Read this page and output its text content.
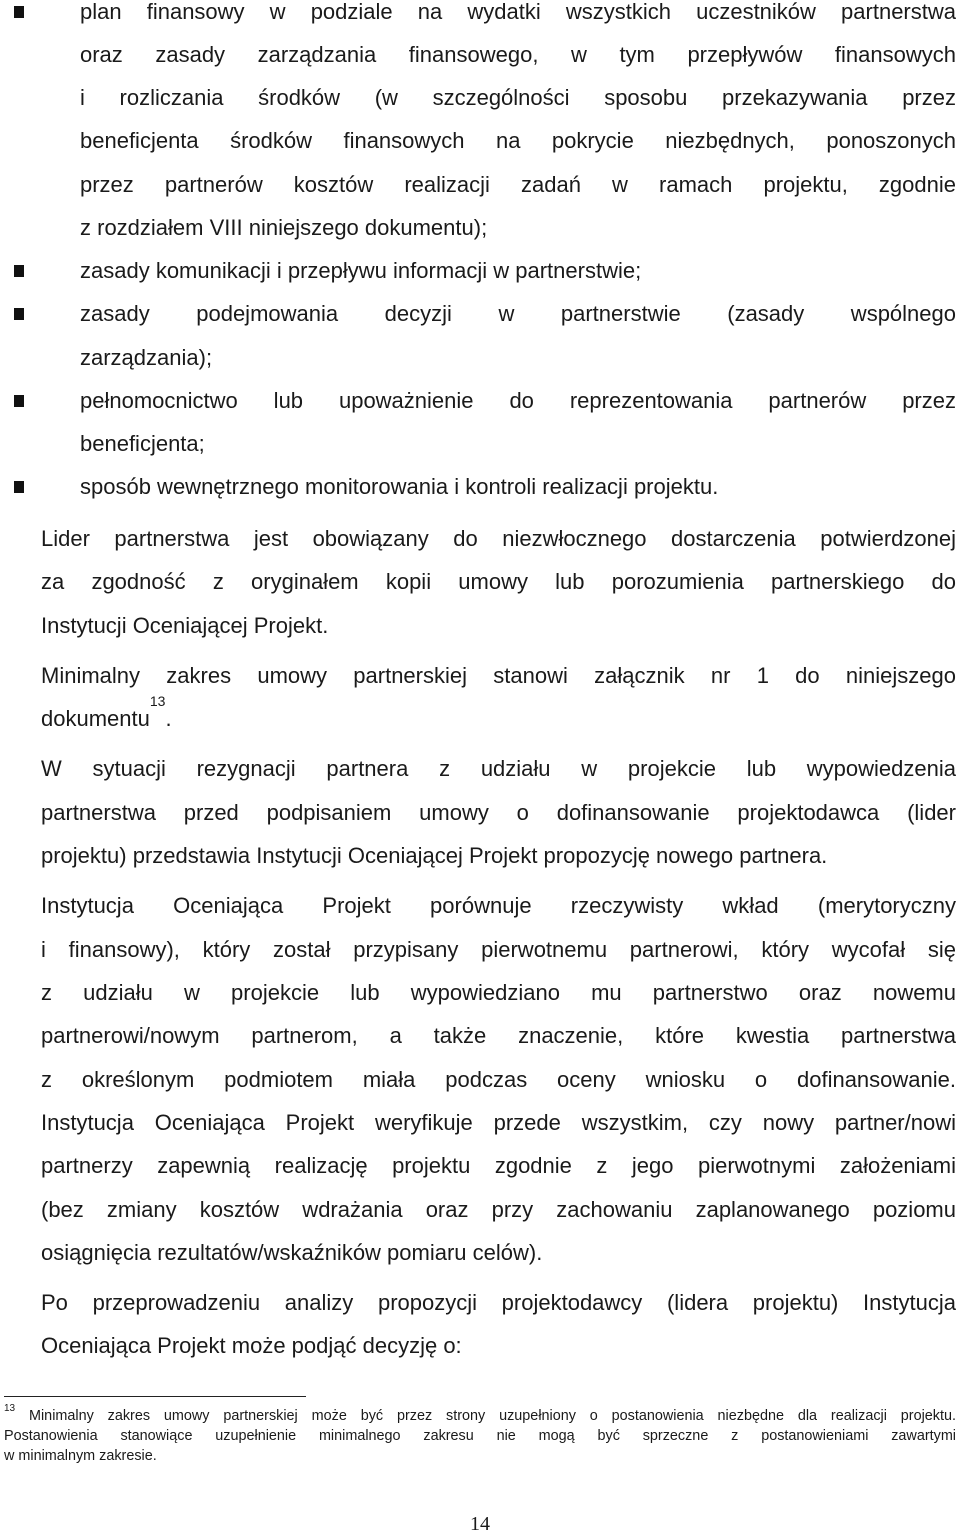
plan finansowy w podziale na wydatki wszystkich uczestników partnerstwa
oraz zasady zarządzania finansowego, w tym przepływów finansowych
i rozliczania środków (w szczególności sposobu przekazywania przez
beneficjenta środków finansowych na pokrycie niezbędnych, ponoszonych
przez partnerów kosztów realizacji zadań w ramach projektu, zgodnie
z rozdziałem VIII niniejszego dokumentu);
zasady komunikacji i przepływu informacji w partnerstwie;
zasady podejmowania decyzji w partnerstwie (zasady wspólnego
zarządzania);
pełnomocnictwo lub upoważnienie do reprezentowania partnerów przez
beneficjenta;
sposób wewnętrznego monitorowania i kontroli realizacji projektu.
Lider partnerstwa jest obowiązany do niezwłocznego dostarczenia potwierdzonej
za zgodność z oryginałem kopii umowy lub porozumienia partnerskiego do
Instytucji Oceniającej Projekt.
Minimalny zakres umowy partnerskiej stanowi załącznik nr 1 do niniejszego
dokumentu$^{13}$.
W sytuacji rezygnacji partnera z udziału w projekcie lub wypowiedzenia
partnerstwa przed podpisaniem umowy o dofinansowanie projektodawca (lider
projektu) przedstawia Instytucji Oceniającej Projekt propozycję nowego partnera.
Instytucja Oceniająca Projekt porównuje rzeczywisty wkład (merytoryczny
i finansowy), który został przypisany pierwotnemu partnerowi, który wycofał się
z udziału w projekcie lub wypowiedziano mu partnerstwo oraz nowemu
partnerowi/nowym partnerom, a także znaczenie, które kwestia partnerstwa
z określonym podmiotem miała podczas oceny wniosku o dofinansowanie.
Instytucja Oceniająca Projekt weryfikuje przede wszystkim, czy nowy partner/nowi
partnerzy zapewnią realizację projektu zgodnie z jego pierwotnymi założeniami
(bez zmiany kosztów wdrażania oraz przy zachowaniu zaplanowanego poziomu
osiągnięcia rezultatów/wskaźników pomiaru celów).
Po przeprowadzeniu analizy propozycji projektodawcy (lidera projektu) Instytucja
Oceniająca Projekt może podjąć decyzję o:
$^{13}$ Minimalny zakres umowy partnerskiej może być przez strony uzupełniony o postanowienia niezbędne dla realizacji projektu.
Postanowienia stanowiące uzupełnienie minimalnego zakresu nie mogą być sprzeczne z postanowieniami zawartymi
w minimalnym zakresie.
14
